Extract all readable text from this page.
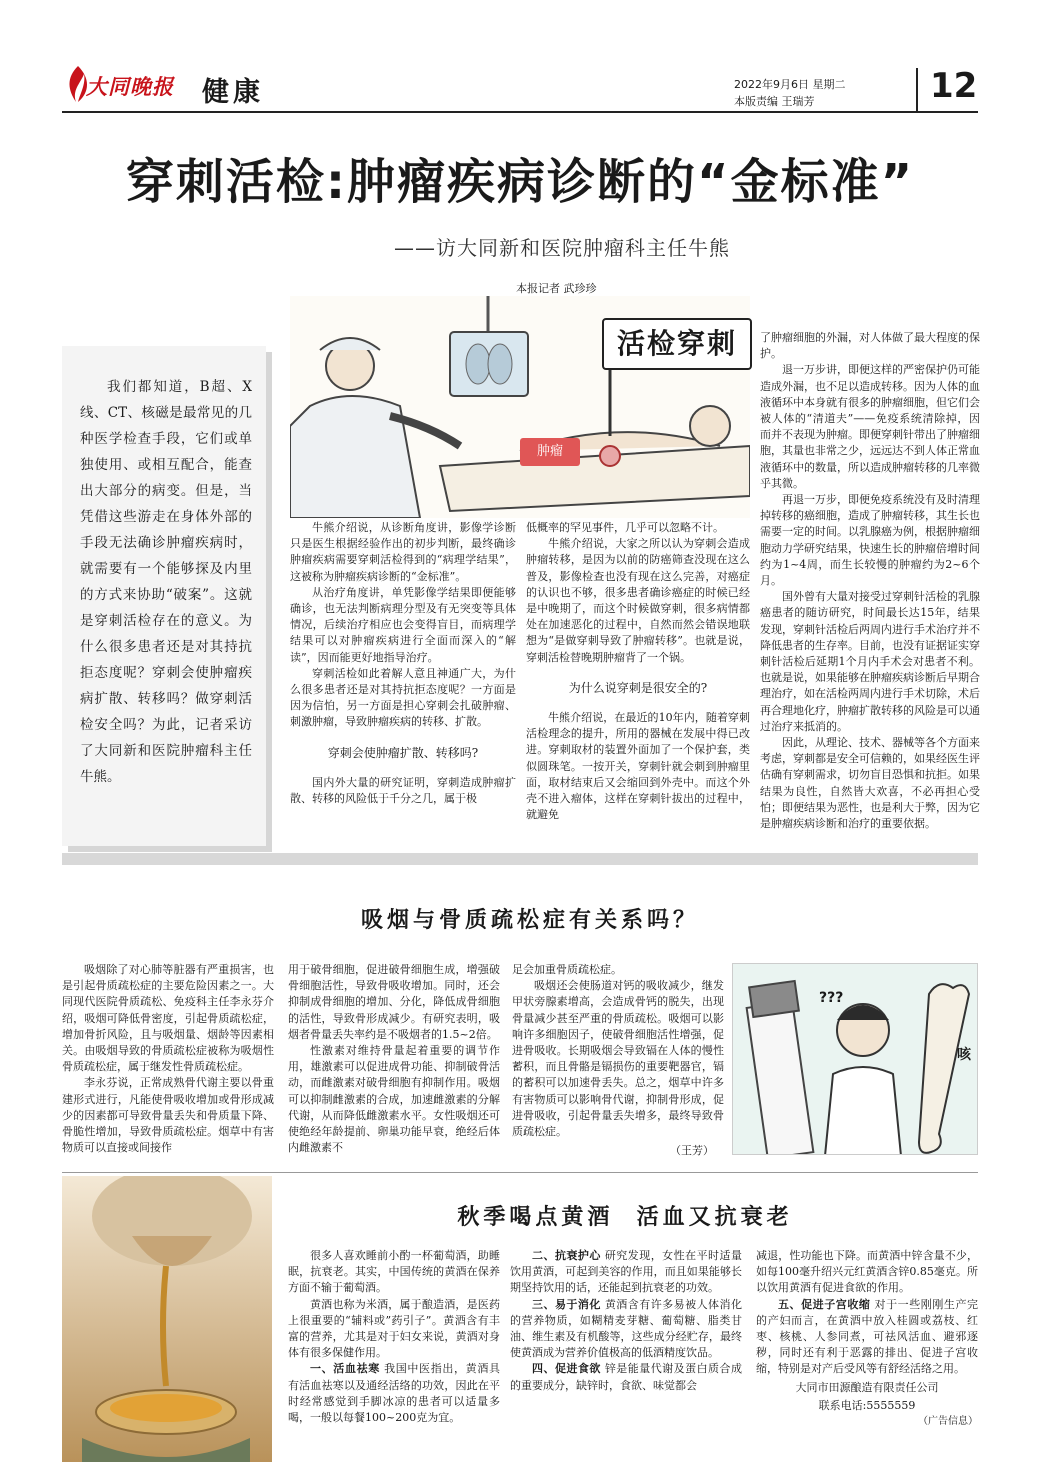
大同晚报 健康	2022年9月6日 星期二
本版责编 王瑞芳	12
穿刺活检:肿瘤疾病诊断的“金标准”
——访大同新和医院肿瘤科主任牛熊
本报记者 武珍珍

我们都知道，B超、X线、CT、核磁是最常见的几种医学检查手段，它们或单独使用、或相互配合，能查出大部分的病变。但是，当凭借这些游走在身体外部的手段无法确诊肿瘤疾病时，就需要有一个能够探及内里的方式来协助“破案”。这就是穿刺活检存在的意义。为什么很多患者还是对其持抗拒态度呢？穿刺会使肿瘤疾病扩散、转移吗？做穿刺活检安全吗？为此，记者采访了大同新和医院肿瘤科主任牛熊。

活检穿刺
肿瘤

牛熊介绍说，从诊断角度讲，影像学诊断只是医生根据经验作出的初步判断，最终确诊肿瘤疾病需要穿刺活检得到的“病理学结果”，这被称为肿瘤疾病诊断的“金标准”。

从治疗角度讲，单凭影像学结果即便能够确诊，也无法判断病理分型及有无突变等具体情况，后续治疗相应也会变得盲目，而病理学结果可以对肿瘤疾病进行全面而深入的“解读”，因而能更好地指导治疗。

穿刺活检如此着解人意且神通广大，为什么很多患者还是对其持抗拒态度呢？一方面是因为信怕，另一方面是担心穿刺会扎破肿瘤、刺激肿瘤，导致肿瘤疾病的转移、扩散。

穿刺会使肿瘤扩散、转移吗?

国内外大量的研究证明，穿刺造成肿瘤扩散、转移的风险低于千分之几，属于极

低概率的罕见事件，几乎可以忽略不计。

牛熊介绍说，大家之所以认为穿刺会造成肿瘤转移，是因为以前的防癌筛查没现在这么普及，影像检查也没有现在这么完善，对癌症的认识也不够，很多患者确诊癌症的时候已经是中晚期了，而这个时候做穿刺，很多病情都处在加速恶化的过程中，自然而然会错误地联想为“是做穿刺导致了肿瘤转移”。也就是说，穿刺活检替晚期肿瘤背了一个锅。

为什么说穿刺是很安全的?

牛熊介绍说，在最近的10年内，随着穿刺活检理念的提升，所用的器械在发展中得已改进。穿刺取材的装置外面加了一个保护套，类似圆珠笔。一按开关，穿刺针就会刺到肿瘤里面，取材结束后又会缩回到外壳中。而这个外壳不进入瘤体，这样在穿刺针拔出的过程中，就避免

了肿瘤细胞的外漏，对人体做了最大程度的保护。

退一万步讲，即便这样的严密保护仍可能造成外漏，也不足以造成转移。因为人体的血液循环中本身就有很多的肿瘤细胞，但它们会被人体的“清道夫”——免疫系统清除掉，因而并不表现为肿瘤。即便穿刺针带出了肿瘤细胞，其量也非常之少，远远达不到人体正常血液循环中的数量，所以造成肿瘤转移的几率微乎其微。

再退一万步，即便免疫系统没有及时清理掉转移的癌细胞，造成了肿瘤转移，其生长也需要一定的时间。以乳腺癌为例，根据肿瘤细胞动力学研究结果，快速生长的肿瘤倍增时间约为1~4周，而生长较慢的肿瘤约为2~6个月。

国外曾有大量对接受过穿刺针活检的乳腺癌患者的随访研究，时间最长达15年，结果发现，穿刺针活检后两周内进行手术治疗并不降低患者的生存率。目前，也没有证据证实穿刺针活检后延期1个月内手术会对患者不利。也就是说，如果能够在肿瘤疾病诊断后早期合理治疗，如在活检两周内进行手术切除，术后再合理地化疗，肿瘤扩散转移的风险是可以通过治疗来抵消的。

因此，从理论、技术、器械等各个方面来考虑，穿刺都是安全可信赖的，如果经医生评估确有穿刺需求，切勿盲目恐惧和抗拒。如果结果为良性，自然皆大欢喜，不必再担心受怕；即便结果为恶性，也是利大于弊，因为它是肿瘤疾病诊断和治疗的重要依据。

吸烟与骨质疏松症有关系吗？

吸烟除了对心肺等脏器有严重损害，也是引起骨质疏松症的主要危险因素之一。大同现代医院骨质疏松、免疫科主任李永芬介绍，吸烟可降低骨密度，引起骨质疏松症，增加骨折风险，且与吸烟量、烟龄等因素相关。由吸烟导致的骨质疏松症被称为吸烟性骨质疏松症，属于继发性骨质疏松症。

李永芬说，正常成熟骨代谢主要以骨重建形式进行，凡能使骨吸收增加或骨形成减少的因素都可导致骨量丢失和骨质量下降、骨脆性增加，导致骨质疏松症。烟草中有害物质可以直接或间接作

用于破骨细胞，促进破骨细胞生成，增强破骨细胞活性，导致骨吸收增加。同时，还会抑制成骨细胞的增加、分化，降低成骨细胞的活性，导致骨形成减少。有研究表明，吸烟者骨量丢失率约是不吸烟者的1.5~2倍。

性激素对维持骨量起着重要的调节作用，雄激素可以促进成骨功能、抑制破骨活动，而雌激素对破骨细胞有抑制作用。吸烟可以抑制雌激素的合成，加速雌激素的分解代谢，从而降低雌激素水平。女性吸烟还可使绝经年龄提前、卵巢功能早衰，绝经后体内雌激素不

足会加重骨质疏松症。

吸烟还会使肠道对钙的吸收减少，继发甲状旁腺素增高，会造成骨钙的脱失，出现骨量减少甚至严重的骨质疏松。吸烟可以影响许多细胞因子，使破骨细胞活性增强，促进骨吸收。长期吸烟会导致镉在人体的慢性蓄积，而且骨骼是镉损伤的重要靶器官，镉的蓄积可以加速骨丢失。总之，烟草中许多有害物质可以影响骨代谢，抑制骨形成，促进骨吸收，引起骨量丢失增多，最终导致骨质疏松症。

（王芳）
???
咳
秋季喝点黄酒  活血又抗衰老

很多人喜欢睡前小酌一杯葡萄酒，助睡眠，抗衰老。其实，中国传统的黄酒在保养方面不输于葡萄酒。

黄酒也称为米酒，属于酿造酒，是医药上很重要的“辅料或”药引子”。黄酒含有丰富的营养，尤其是对于妇女来说，黄酒对身体有很多保健作用。

一、活血祛寒 我国中医指出，黄酒具有活血祛寒以及通经活络的功效，因此在平时经常感觉到手脚冰凉的患者可以适量多喝，一般以每餐100~200克为宜。

二、抗衰护心 研究发现，女性在平时适量饮用黄酒，可起到美容的作用，而且如果能够长期坚持饮用的话，还能起到抗衰老的功效。

三、易于消化 黄酒含有许多易被人体消化的营养物质，如糊精麦芽糖、葡萄糖、脂类甘油、维生素及有机酸等，这些成分经贮存，最终使黄酒成为营养价值极高的低酒精度饮品。

四、促进食欲 锌是能量代谢及蛋白质合成的重要成分，缺锌时，食欲、味觉都会

减退，性功能也下降。而黄酒中锌含量不少，如每100毫升绍兴元红黄酒含锌0.85毫克。所以饮用黄酒有促进食欲的作用。

五、促进子宫收缩 对于一些刚刚生产完的产妇而言，在黄酒中放入桂圆或荔枝、红枣、核桃、人参同煮，可祛风活血、避邪逐秽，同时还有利于恶露的排出、促进子宫收缩，特别是对产后受风等有舒经活络之用。

大同市田源酿造有限责任公司

联系电话:5555559

（广告信息）
